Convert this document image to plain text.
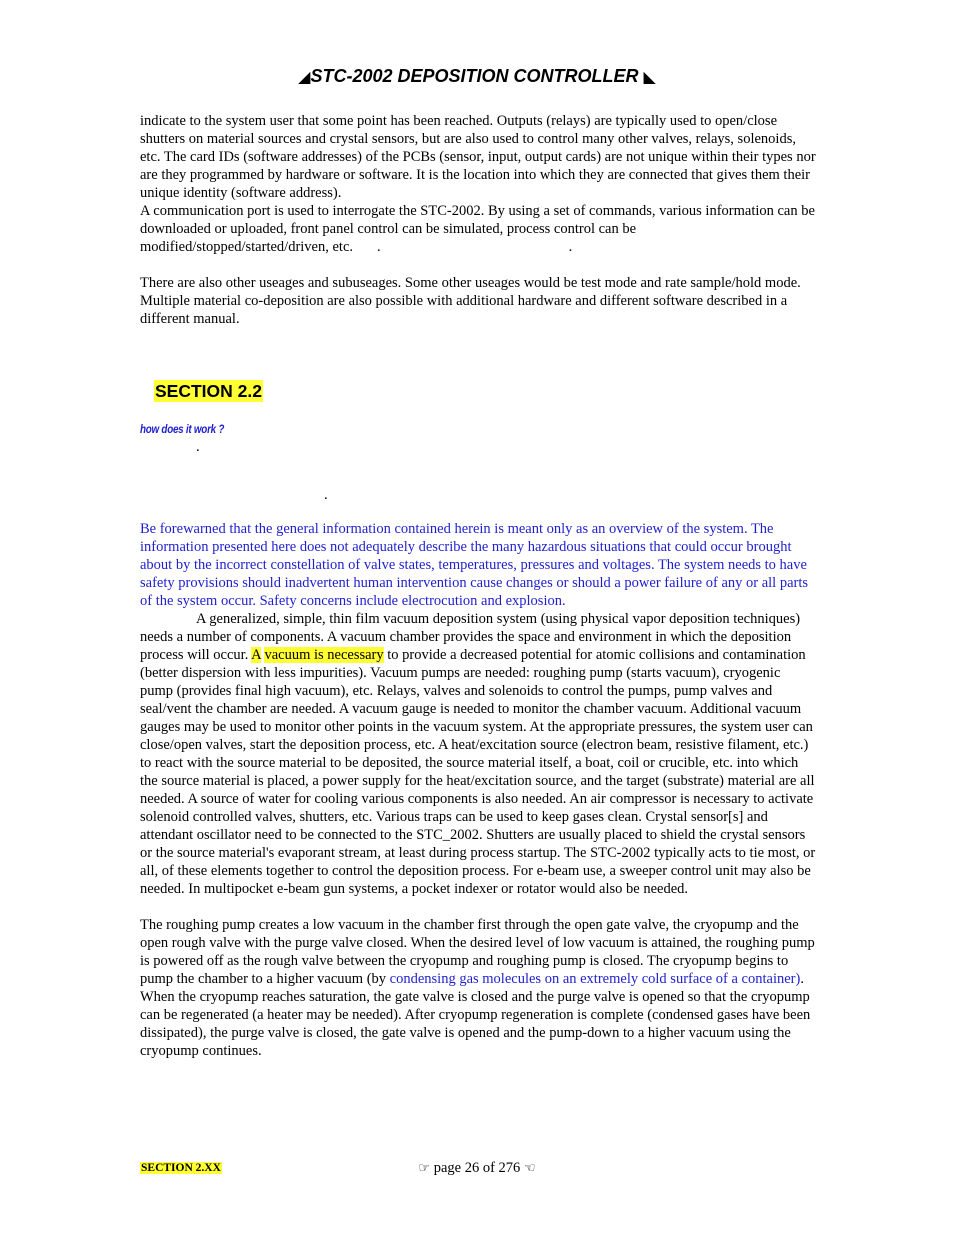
◢​STC-2002 DEPOSITION CONTROLLER ◣

indicate to the system user that some point has been reached. Outputs (relays) are typically used to open/close shutters on material sources and crystal sensors, but are also used to control many other valves, relays, solenoids, etc. The card IDs (software addresses) of the PCBs (sensor, input, output cards) are not unique within their types nor are they programmed by hardware or software. It is the location into which they are connected that gives them their unique identity (software address).

A communication port is used to interrogate the STC-2002. By using a set of commands, various information can be downloaded or uploaded, front panel control can be simulated, process control can be modified/stopped/started/driven, etc. .	.

There are also other useages and subuseages. Some other useages would be test mode and rate sample/hold mode.

Multiple material co-deposition are also possible with additional hardware and different software described in a different manual.

SECTION 2.2
how does it work ?
.
.

Be forewarned that the general information contained herein is meant only as an overview of the system. The information presented here does not adequately describe the many hazardous situations that could occur brought about by the incorrect constellation of valve states, temperatures, pressures and voltages. The system needs to have safety provisions should inadvertent human intervention cause changes or should a power failure of any or all parts of the system occur. Safety concerns include electrocution and explosion.

A generalized, simple, thin film vacuum deposition system (using physical vapor deposition techniques) needs a number of components. A vacuum chamber provides the space and environment in which the deposition process will occur. A vacuum is necessary to provide a decreased potential for atomic collisions and contamination (better dispersion with less impurities). Vacuum pumps are needed: roughing pump (starts vacuum), cryogenic pump (provides final high vacuum), etc. Relays, valves and solenoids to control the pumps, pump valves and seal/vent the chamber are needed. A vacuum gauge is needed to monitor the chamber vacuum. Additional vacuum gauges may be used to monitor other points in the vacuum system. At the appropriate pressures, the system user can close/open valves, start the deposition process, etc. A heat/excitation source (electron beam, resistive filament, etc.) to react with the source material to be deposited, the source material itself, a boat, coil or crucible, etc. into which the source material is placed, a power supply for the heat/excitation source, and the target (substrate) material are all needed. A source of water for cooling various components is also needed. An air compressor is necessary to activate solenoid controlled valves, shutters, etc. Various traps can be used to keep gases clean. Crystal sensor[s] and attendant oscillator need to be connected to the STC_2002. Shutters are usually placed to shield the crystal sensors or the source material's evaporant stream, at least during process startup. The STC-2002 typically acts to tie most, or all, of these elements together to control the deposition process. For e-beam use, a sweeper control unit may also be needed. In multipocket e-beam gun systems, a pocket indexer or rotator would also be needed.

The roughing pump creates a low vacuum in the chamber first through the open gate valve, the cryopump and the open rough valve with the purge valve closed. When the desired level of low vacuum is attained, the roughing pump is powered off as the rough valve between the cryopump and roughing pump is closed. The cryopump begins to pump the chamber to a higher vacuum (by condensing gas molecules on an extremely cold surface of a container). When the cryopump reaches saturation, the gate valve is closed and the purge valve is opened so that the cryopump can be regenerated (a heater may be needed). After cryopump regeneration is complete (condensed gases have been dissipated), the purge valve is closed, the gate valve is opened and the pump-down to a higher vacuum using the cryopump continues.

SECTION 2.XX	☞ page 26 of 276 ☜
